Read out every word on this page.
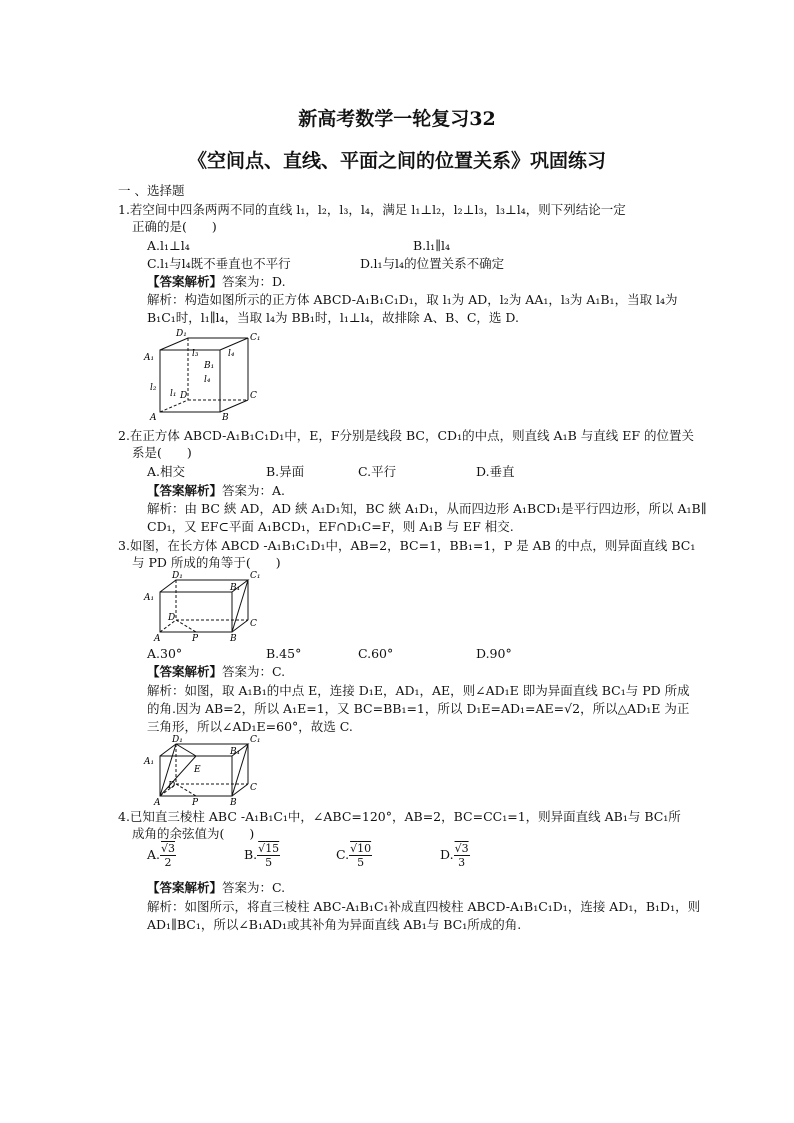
新高考数学一轮复习32
《空间点、直线、平面之间的位置关系》巩固练习
一 、选择题
1.若空间中四条两两不同的直线 l₁，l₂，l₃，l₄，满足 l₁⊥l₂，l₂⊥l₃，l₃⊥l₄，则下列结论一定
正确的是(　　)
A.l₁⊥l₄	B.l₁∥l₄
C.l₁与l₄既不垂直也不平行	D.l₁与l₄的位置关系不确定
【答案解析】答案为：D.
解析：构造如图所示的正方体 ABCD-A₁B₁C₁D₁，取 l₁为 AD，l₂为 AA₁，l₃为 A₁B₁，当取 l₄为
B₁C₁时，l₁∥l₄，当取 l₄为 BB₁时，l₁⊥l₄，故排除 A、B、C，选 D.
D₁	C₁
A₁
B₁
l₃	l₄
l₄
l₂
l₁ D	C
A	B
2.在正方体 ABCD-A₁B₁C₁D₁中，E，F分别是线段 BC，CD₁的中点，则直线 A₁B 与直线 EF 的位置关
系是(　　)
A.相交	B.异面	C.平行	D.垂直
【答案解析】答案为：A.
解析：由 BC 綊 AD，AD 綊 A₁D₁知，BC 綊 A₁D₁，从而四边形 A₁BCD₁是平行四边形，所以 A₁B∥
CD₁，又 EF⊂平面 A₁BCD₁，EF∩D₁C=F，则 A₁B 与 EF 相交.
3.如图，在长方体 ABCD -A₁B₁C₁D₁中，AB=2，BC=1，BB₁=1，P 是 AB 的中点，则异面直线 BC₁
与 PD 所成的角等于(　　)
D₁	C₁
A₁
B₁
D
C
A	P	B
A.30°	B.45°	C.60°	D.90°
【答案解析】答案为：C.
解析：如图，取 A₁B₁的中点 E，连接 D₁E，AD₁，AE，则∠AD₁E 即为异面直线 BC₁与 PD 所成
的角.因为 AB=2，所以 A₁E=1，又 BC=BB₁=1，所以 D₁E=AD₁=AE=√2，所以△AD₁E 为正
三角形，所以∠AD₁E=60°，故选 C.
D₁	C₁
A₁
B₁
E
D	C
A	P	B
4.已知直三棱柱 ABC -A₁B₁C₁中，∠ABC=120°，AB=2，BC=CC₁=1，则异面直线 AB₁与 BC₁所
成角的余弦值为(　　)
A. √ $\frac{3}{2}$	B. √ $\frac{15}{5}$	C. √ $\frac{10}{5}$	D. √ $\frac{3}{3}$
【答案解析】答案为：C.
解析：如图所示，将直三棱柱 ABC-A₁B₁C₁补成直四棱柱 ABCD-A₁B₁C₁D₁，连接 AD₁，B₁D₁，则
AD₁∥BC₁，所以∠B₁AD₁或其补角为异面直线 AB₁与 BC₁所成的角.
